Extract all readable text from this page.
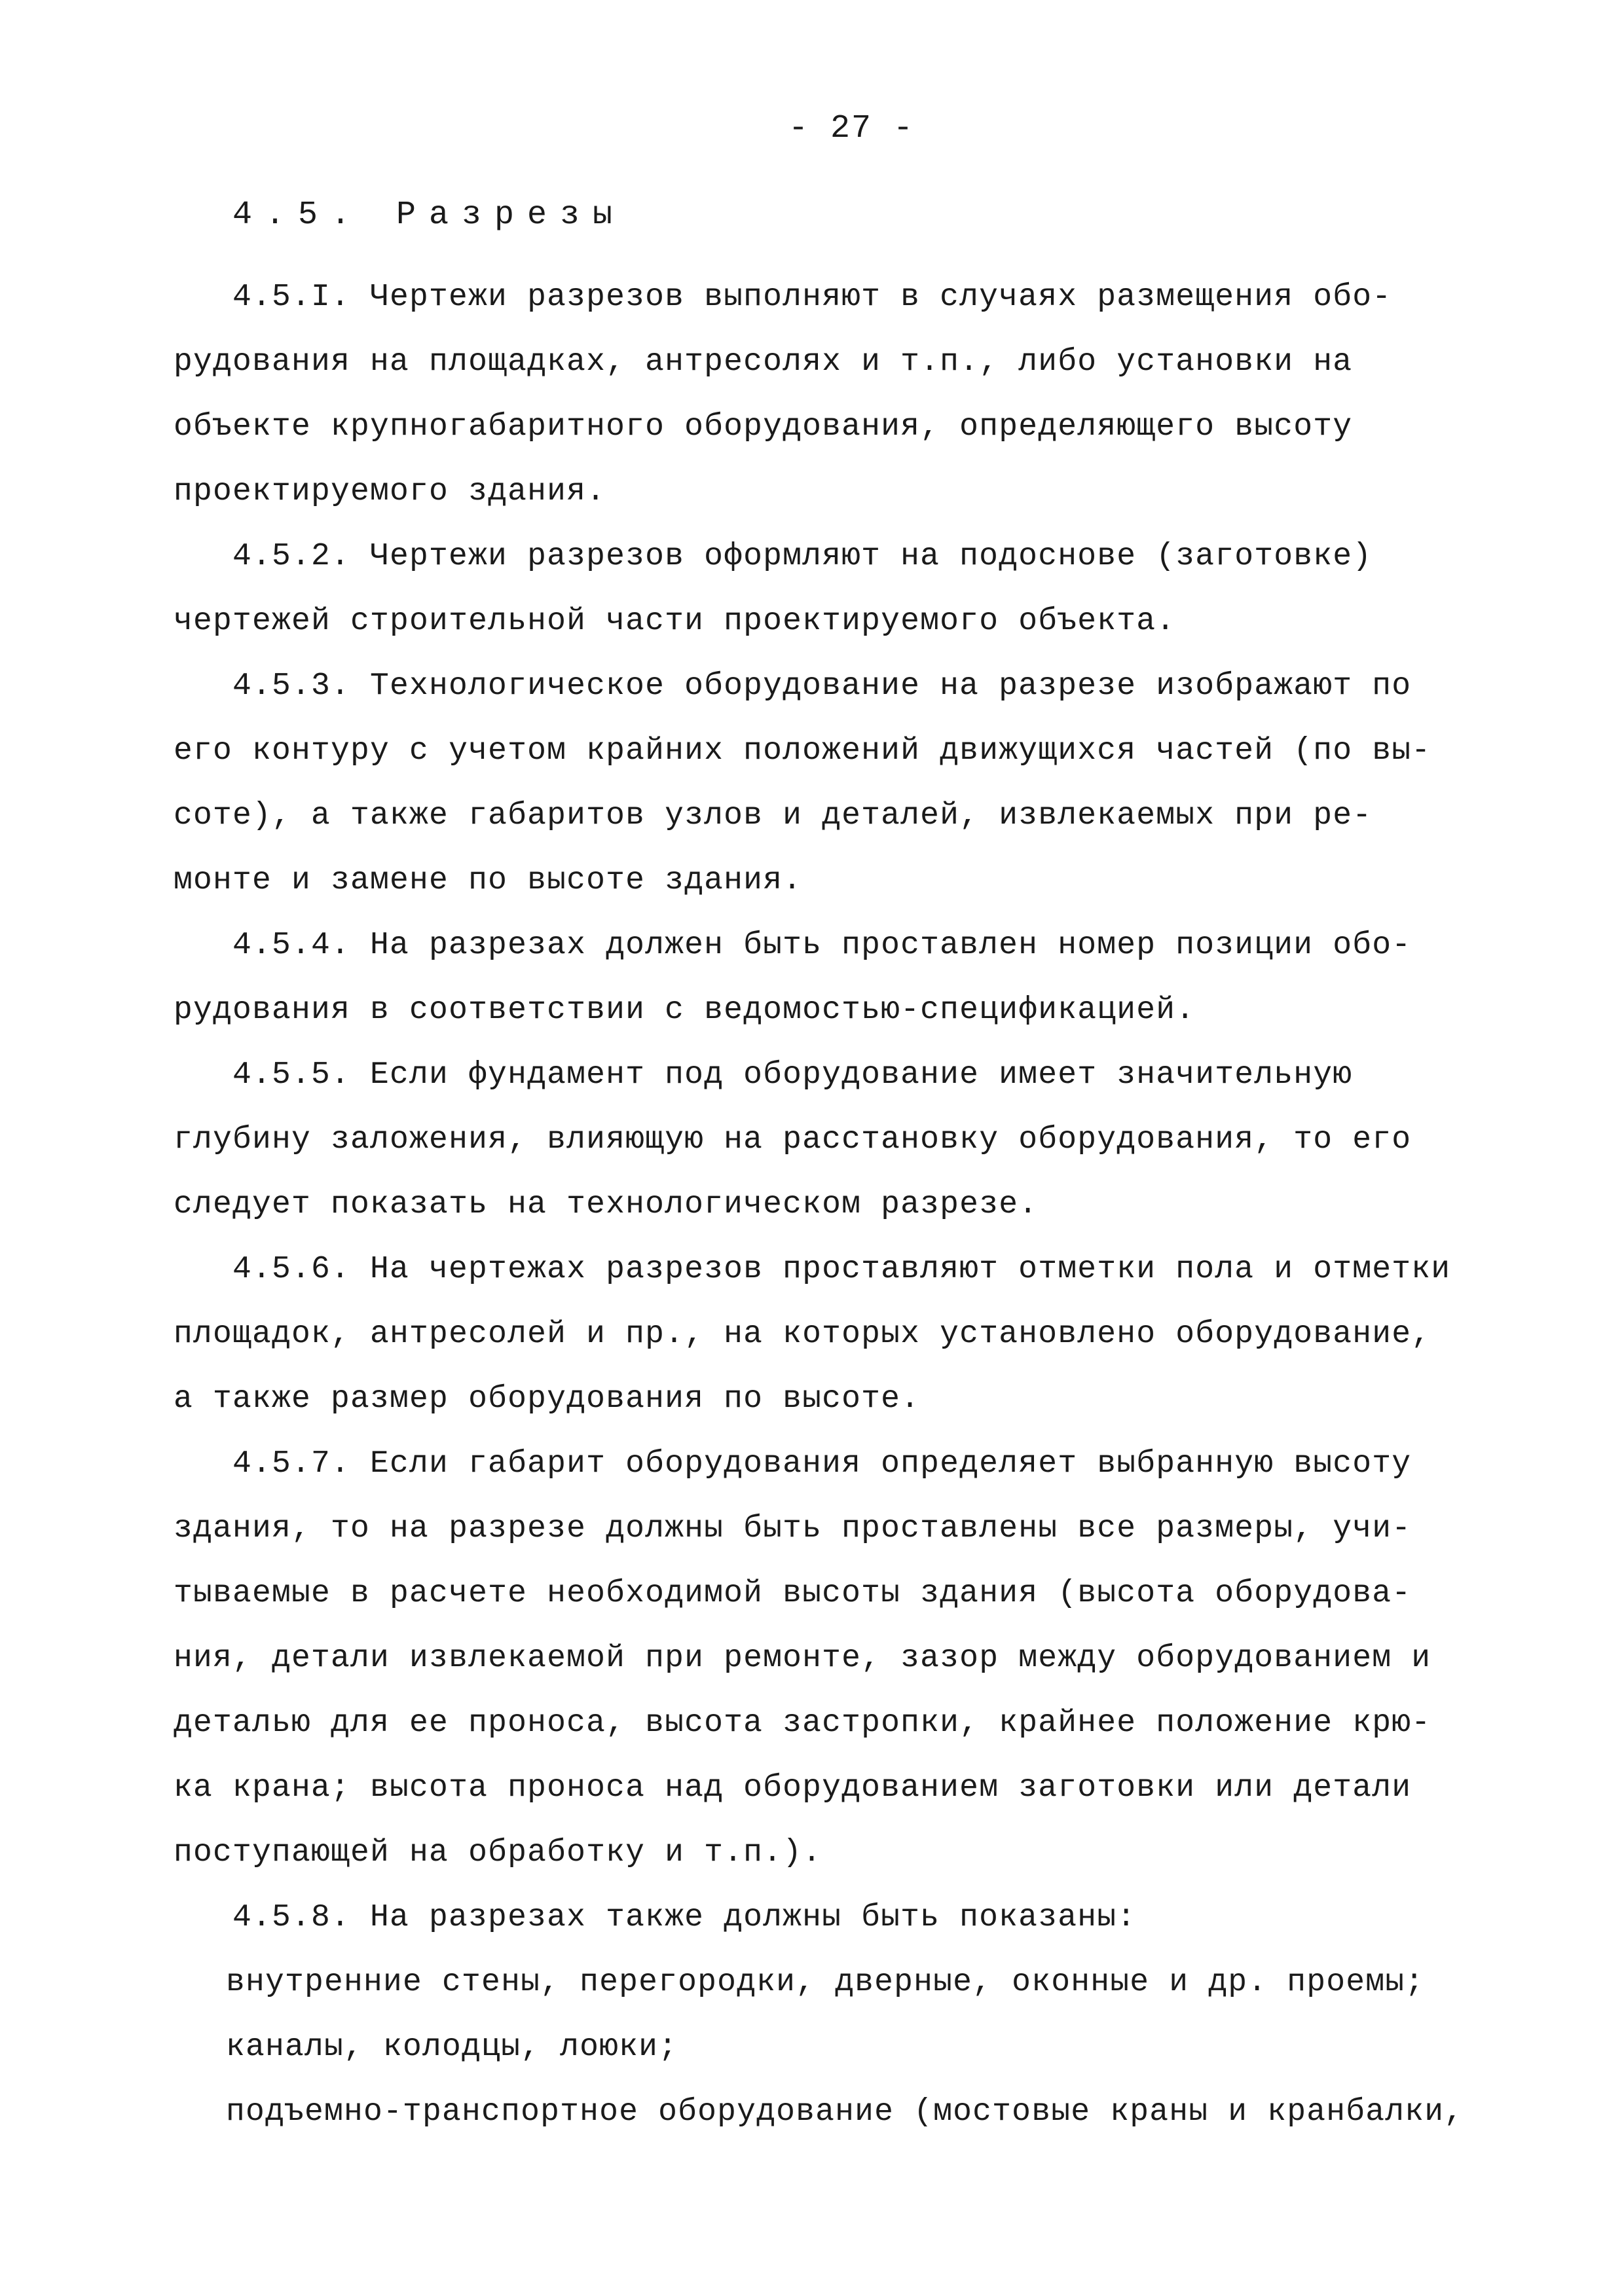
- 27 -
4.5. Разрезы
4.5.I. Чертежи разрезов выполняют в случаях размещения обо-
рудования на площадках, антресолях и т.п., либо установки на
объекте крупногабаритного оборудования, определяющего высоту
проектируемого здания.
4.5.2. Чертежи разрезов оформляют на подоснове (заготовке)
чертежей строительной части проектируемого объекта.
4.5.3. Технологическое оборудование на разрезе изображают по
его контуру с учетом крайних положений движущихся частей (по вы-
соте), а также габаритов узлов и деталей, извлекаемых при ре-
монте и замене по высоте здания.
4.5.4. На разрезах должен быть проставлен номер позиции обо-
рудования в соответствии с ведомостью-спецификацией.
4.5.5. Если фундамент под оборудование имеет значительную
глубину заложения, влияющую на расстановку оборудования, то его
следует показать на технологическом разрезе.
4.5.6. На чертежах разрезов проставляют отметки пола и отметки
площадок, антресолей и пр., на которых установлено оборудование,
а также размер оборудования по высоте.
4.5.7. Если габарит оборудования определяет выбранную высоту
здания, то на разрезе должны быть проставлены все размеры, учи-
тываемые в расчете необходимой высоты здания (высота оборудова-
ния, детали извлекаемой при ремонте, зазор между оборудованием и
деталью для ее проноса, высота застропки, крайнее положение крю-
ка крана; высота проноса над оборудованием заготовки или детали
поступающей на обработку и т.п.).
4.5.8. На разрезах также должны быть показаны:
внутренние стены, перегородки, дверные, оконные и др. проемы;
каналы, колодцы, лоюки;
подъемно-транспортное оборудование (мостовые краны и кранбалки,
